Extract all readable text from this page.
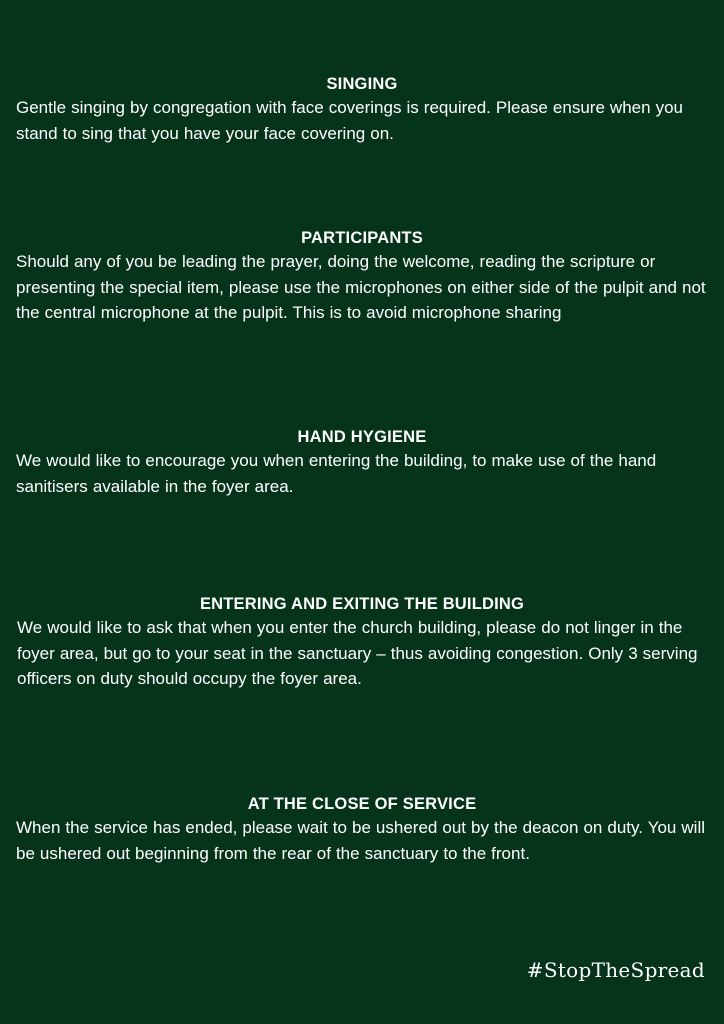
SINGING

Gentle singing by congregation with face coverings is required. Please ensure when you stand to sing that you have your face covering on.

PARTICIPANTS

Should any of you be leading the prayer, doing the welcome, reading the scripture or presenting the special item, please use the microphones on either side of the pulpit and not the central microphone at the pulpit. This is to avoid microphone sharing

HAND HYGIENE

We would like to encourage you when entering the building, to make use of the hand sanitisers available in the foyer area.

ENTERING AND EXITING THE BUILDING

We would like to ask that when you enter the church building, please do not linger in the foyer area, but go to your seat in the sanctuary – thus avoiding congestion. Only 3 serving officers on duty should occupy the foyer area.

AT THE CLOSE OF SERVICE

When the service has ended, please wait to be ushered out by the deacon on duty. You will be ushered out beginning from the rear of the sanctuary to the front.

#StopTheSpread
